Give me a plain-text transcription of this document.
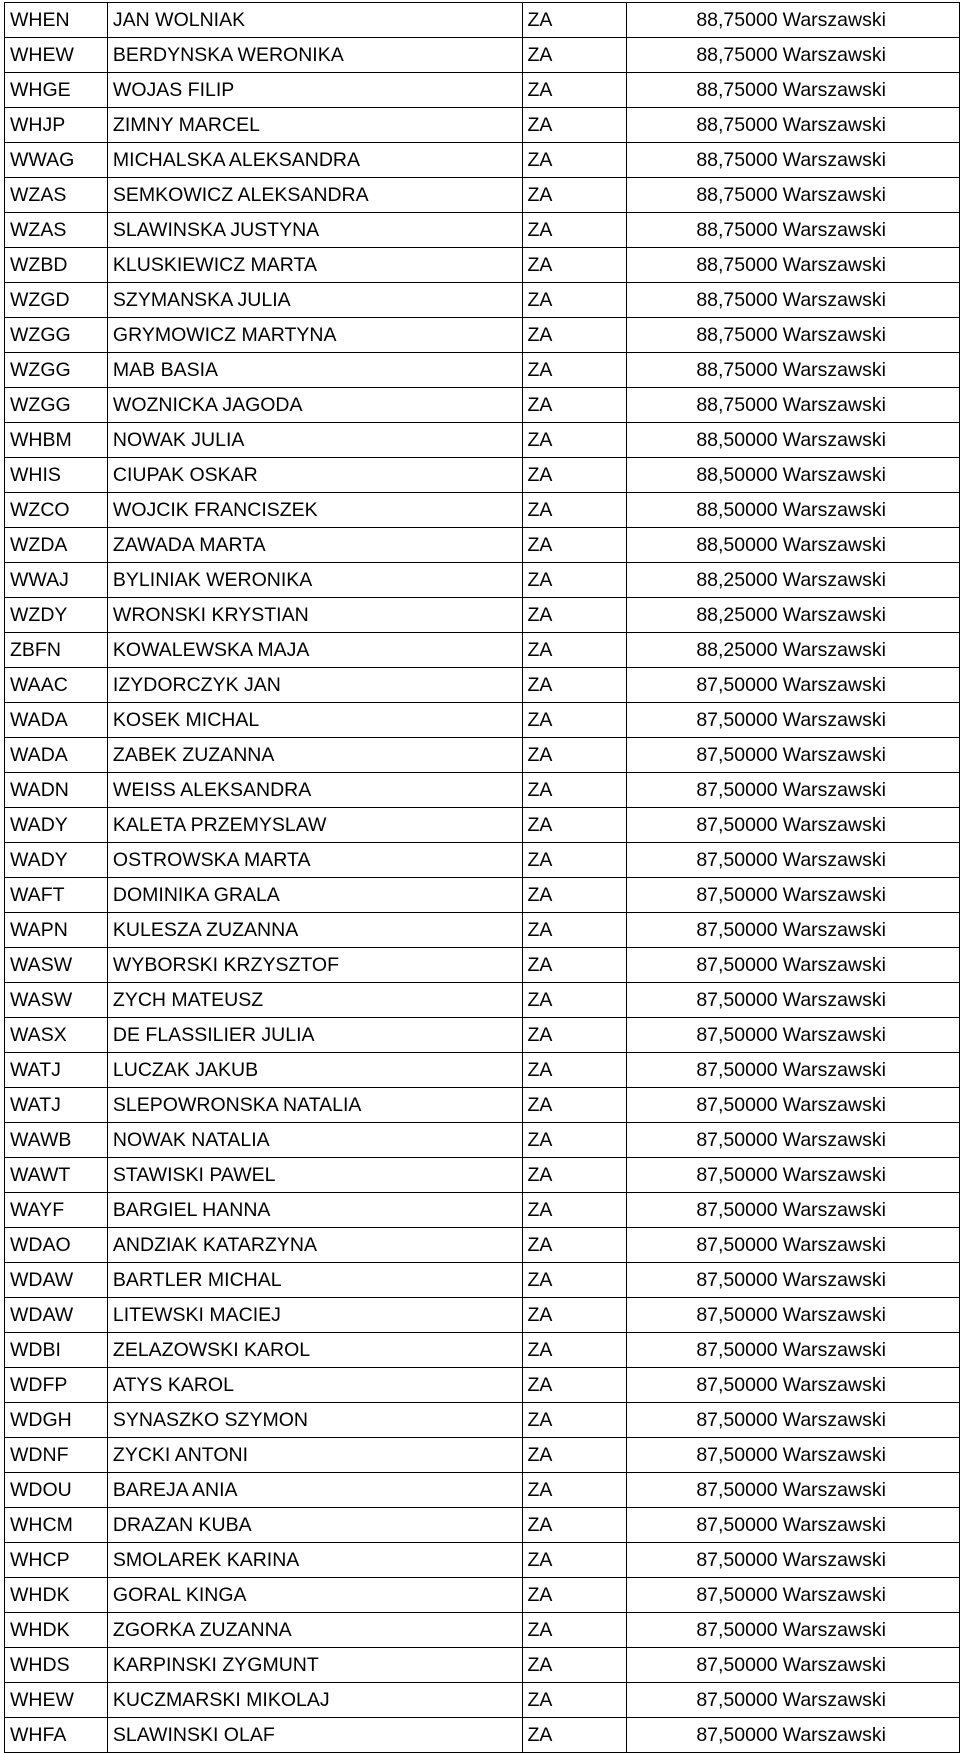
WHEN	JAN WOLNIAK	ZA	88,75000	Warszawski
WHEW	BERDYNSKA WERONIKA	ZA	88,75000	Warszawski
WHGE	WOJAS FILIP	ZA	88,75000	Warszawski
WHJP	ZIMNY MARCEL	ZA	88,75000	Warszawski
WWAG	MICHALSKA ALEKSANDRA	ZA	88,75000	Warszawski
WZAS	SEMKOWICZ ALEKSANDRA	ZA	88,75000	Warszawski
WZAS	SLAWINSKA JUSTYNA	ZA	88,75000	Warszawski
WZBD	KLUSKIEWICZ MARTA	ZA	88,75000	Warszawski
WZGD	SZYMANSKA JULIA	ZA	88,75000	Warszawski
WZGG	GRYMOWICZ MARTYNA	ZA	88,75000	Warszawski
WZGG	MAB BASIA	ZA	88,75000	Warszawski
WZGG	WOZNICKA JAGODA	ZA	88,75000	Warszawski
WHBM	NOWAK JULIA	ZA	88,50000	Warszawski
WHIS	CIUPAK OSKAR	ZA	88,50000	Warszawski
WZCO	WOJCIK FRANCISZEK	ZA	88,50000	Warszawski
WZDA	ZAWADA MARTA	ZA	88,50000	Warszawski
WWAJ	BYLINIAK WERONIKA	ZA	88,25000	Warszawski
WZDY	WRONSKI KRYSTIAN	ZA	88,25000	Warszawski
ZBFN	KOWALEWSKA MAJA	ZA	88,25000	Warszawski
WAAC	IZYDORCZYK JAN	ZA	87,50000	Warszawski
WADA	KOSEK MICHAL	ZA	87,50000	Warszawski
WADA	ZABEK ZUZANNA	ZA	87,50000	Warszawski
WADN	WEISS ALEKSANDRA	ZA	87,50000	Warszawski
WADY	KALETA PRZEMYSLAW	ZA	87,50000	Warszawski
WADY	OSTROWSKA MARTA	ZA	87,50000	Warszawski
WAFT	DOMINIKA GRALA	ZA	87,50000	Warszawski
WAPN	KULESZA ZUZANNA	ZA	87,50000	Warszawski
WASW	WYBORSKI KRZYSZTOF	ZA	87,50000	Warszawski
WASW	ZYCH MATEUSZ	ZA	87,50000	Warszawski
WASX	DE FLASSILIER JULIA	ZA	87,50000	Warszawski
WATJ	LUCZAK JAKUB	ZA	87,50000	Warszawski
WATJ	SLEPOWRONSKA NATALIA	ZA	87,50000	Warszawski
WAWB	NOWAK NATALIA	ZA	87,50000	Warszawski
WAWT	STAWISKI PAWEL	ZA	87,50000	Warszawski
WAYF	BARGIEL HANNA	ZA	87,50000	Warszawski
WDAO	ANDZIAK KATARZYNA	ZA	87,50000	Warszawski
WDAW	BARTLER MICHAL	ZA	87,50000	Warszawski
WDAW	LITEWSKI MACIEJ	ZA	87,50000	Warszawski
WDBI	ZELAZOWSKI KAROL	ZA	87,50000	Warszawski
WDFP	ATYS KAROL	ZA	87,50000	Warszawski
WDGH	SYNASZKO SZYMON	ZA	87,50000	Warszawski
WDNF	ZYCKI ANTONI	ZA	87,50000	Warszawski
WDOU	BAREJA ANIA	ZA	87,50000	Warszawski
WHCM	DRAZAN KUBA	ZA	87,50000	Warszawski
WHCP	SMOLAREK KARINA	ZA	87,50000	Warszawski
WHDK	GORAL KINGA	ZA	87,50000	Warszawski
WHDK	ZGORKA ZUZANNA	ZA	87,50000	Warszawski
WHDS	KARPINSKI ZYGMUNT	ZA	87,50000	Warszawski
WHEW	KUCZMARSKI MIKOLAJ	ZA	87,50000	Warszawski
WHFA	SLAWINSKI OLAF	ZA	87,50000	Warszawski
